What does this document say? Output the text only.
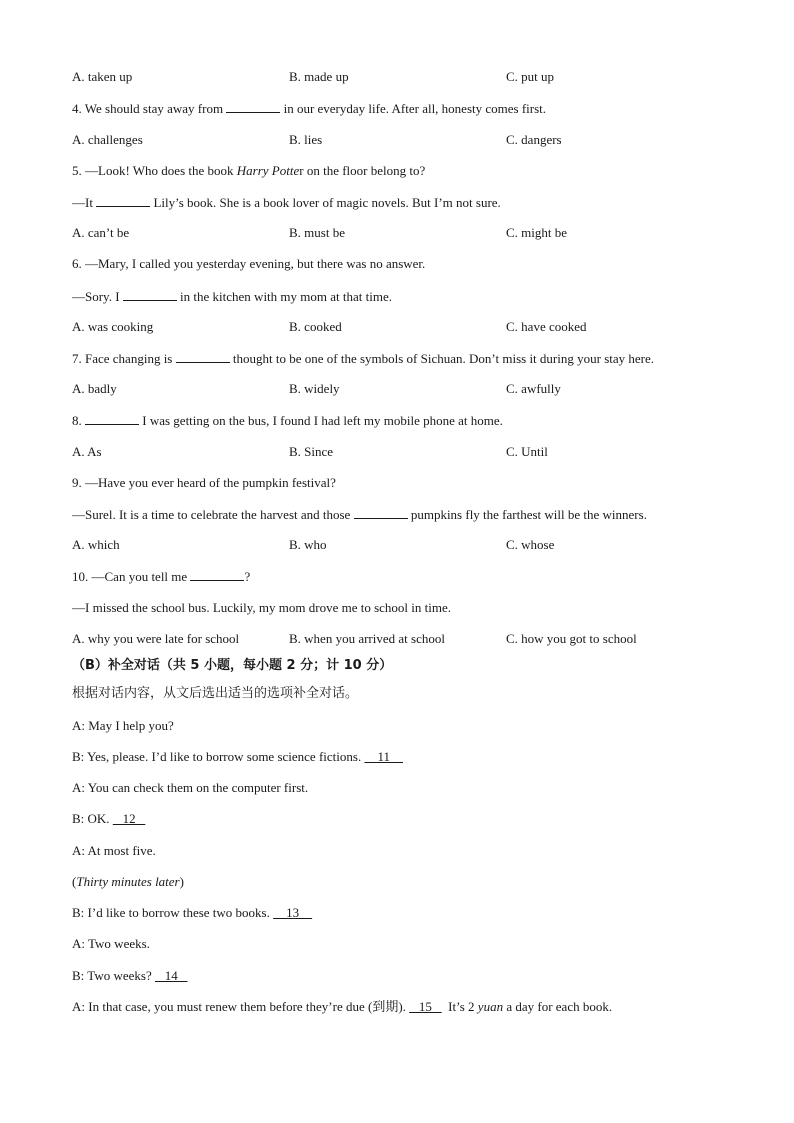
A. taken up	B. made up	C. put up
4. We should stay away from	in our everyday life. After all, honesty comes first.
A. challenges	B. lies	C. dangers
5. —Look! Who does the book Harry Potter on the floor belong to?
—It	Lily’s book. She is a book lover of magic novels. But I’m not sure.
A. can’t be	B. must be	C. might be
6. —Mary, I called you yesterday evening, but there was no answer.
—Sory. I	in the kitchen with my mom at that time.
A. was cooking	B. cooked	C. have cooked
7. Face changing is	thought to be one of the symbols of Sichuan. Don’t miss it during your stay here.
A. badly	B. widely	C. awfully
8.	I was getting on the bus, I found I had left my mobile phone at home.
A. As	B. Since	C. Until
9. —Have you ever heard of the pumpkin festival?
—Surel. It is a time to celebrate the harvest and those	pumpkins fly the farthest will be the winners.
A. which	B. who	C. whose
10. —Can you tell me	?
—I missed the school bus. Luckily, my mom drove me to school in time.
A. why you were late for school	B. when you arrived at school	C. how you got to school
（B）补全对话（共 5 小题，每小题 2 分；计 10 分）
根据对话内容，从文后选出适当的选项补全对话。
A: May I help you?
B: Yes, please. I’d like to borrow some science fictions.     11
A: You can check them on the computer first.
B: OK.    12
A: At most five.
(Thirty minutes later)
B: I’d like to borrow these two books.     13
A: Two weeks.
B: Two weeks?    14
A: In that case, you must renew them before they’re due (到期).    15     It’s 2 yuan a day for each book.
